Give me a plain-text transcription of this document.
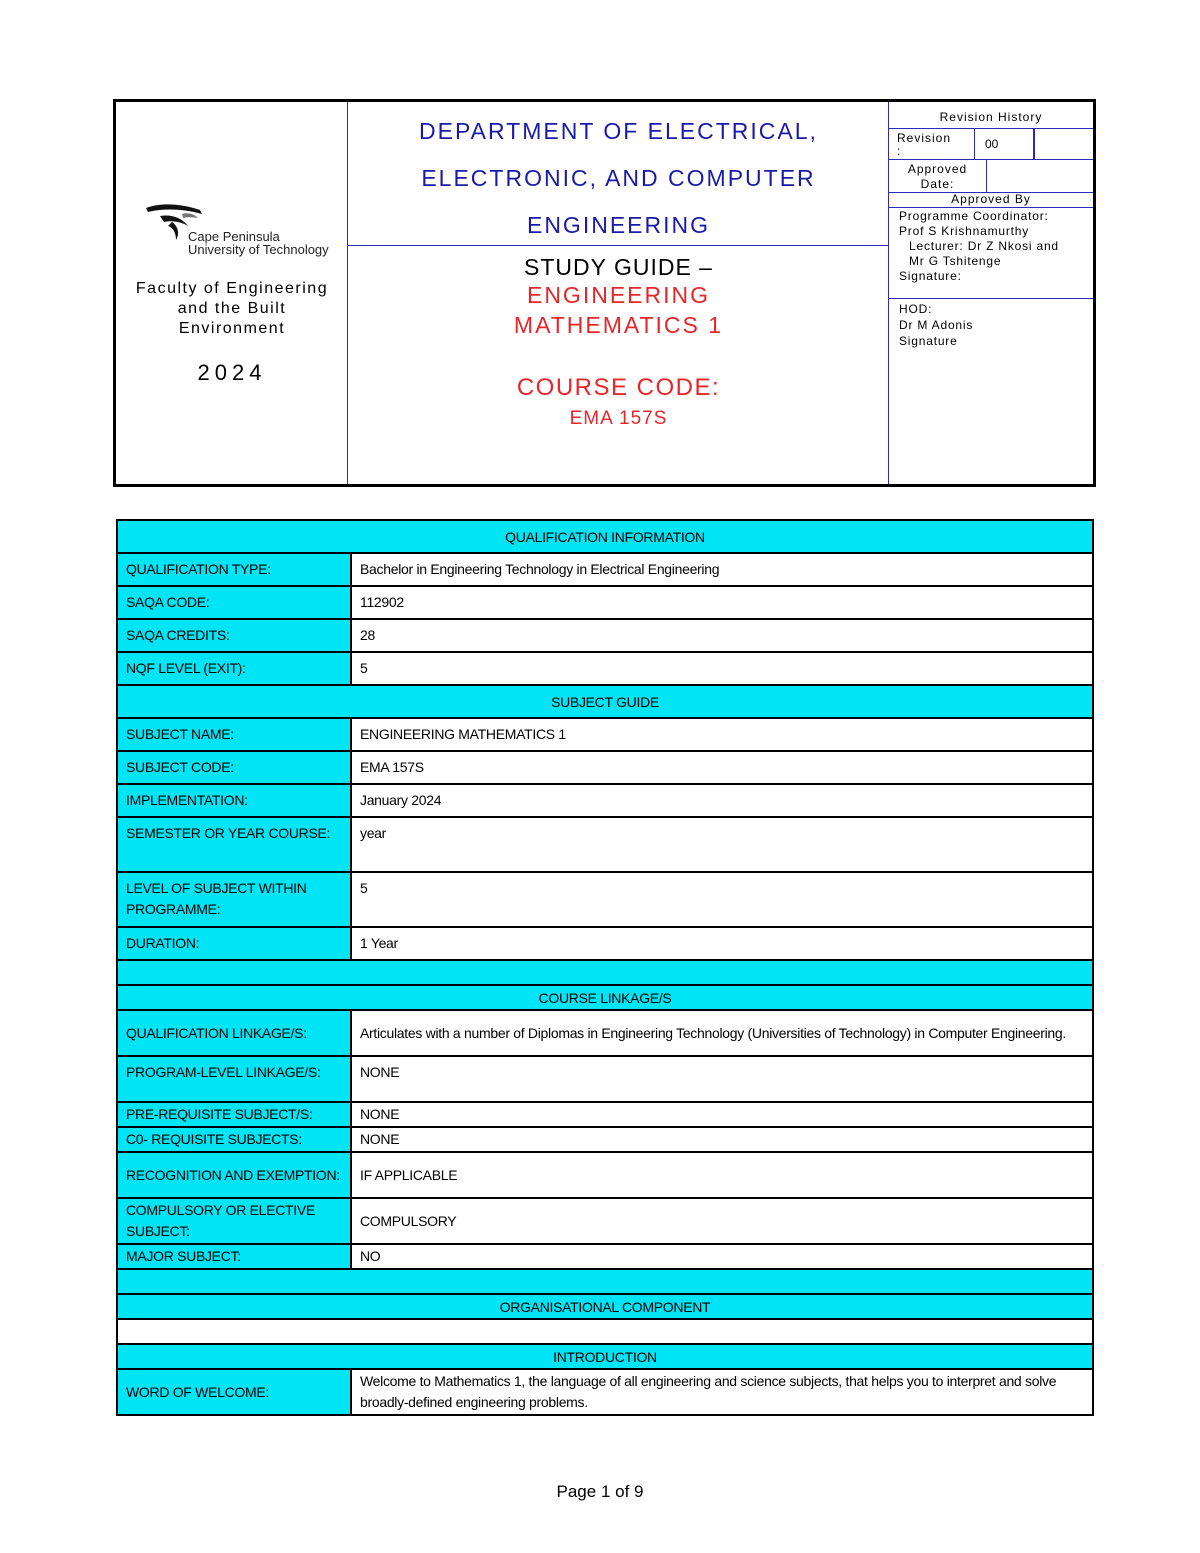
Cape Peninsula
University of Technology
Faculty of Engineering
and the Built
Environment
2024
DEPARTMENT OF ELECTRICAL,
ELECTRONIC, AND COMPUTER
ENGINEERING
STUDY GUIDE –
ENGINEERING
MATHEMATICS 1
COURSE CODE:
EMA 157S
Revision History
Revision
:	00
Approved
Date:
Approved By
Programme Coordinator:
Prof S Krishnamurthy
Lecturer: Dr Z Nkosi and
Mr G Tshitenge
Signature:
HOD:
Dr M Adonis
Signature
QUALIFICATION INFORMATION	
QUALIFICATION TYPE:	Bachelor in Engineering Technology in Electrical Engineering
SAQA CODE:	112902
SAQA CREDITS:	28
NQF LEVEL (EXIT):	5
SUBJECT GUIDE	
SUBJECT NAME:	ENGINEERING MATHEMATICS 1
SUBJECT CODE:	EMA 157S
IMPLEMENTATION:	January 2024
SEMESTER OR YEAR COURSE:	year
LEVEL OF SUBJECT WITHIN PROGRAMME:	5
DURATION:	1 Year

COURSE LINKAGE/S	
QUALIFICATION LINKAGE/S:	Articulates with a number of Diplomas in Engineering Technology (Universities of Technology) in Computer Engineering.
PROGRAM-LEVEL LINKAGE/S:	NONE
PRE-REQUISITE SUBJECT/S:	NONE
C0- REQUISITE SUBJECTS:	NONE
RECOGNITION AND EXEMPTION:	IF APPLICABLE
COMPULSORY OR ELECTIVE SUBJECT:	COMPULSORY
MAJOR SUBJECT:	NO

ORGANISATIONAL COMPONENT	

INTRODUCTION	
WORD OF WELCOME:	Welcome to Mathematics 1, the language of all engineering and science subjects, that helps you to interpret and solve broadly-defined engineering problems.
Page 1 of 9
